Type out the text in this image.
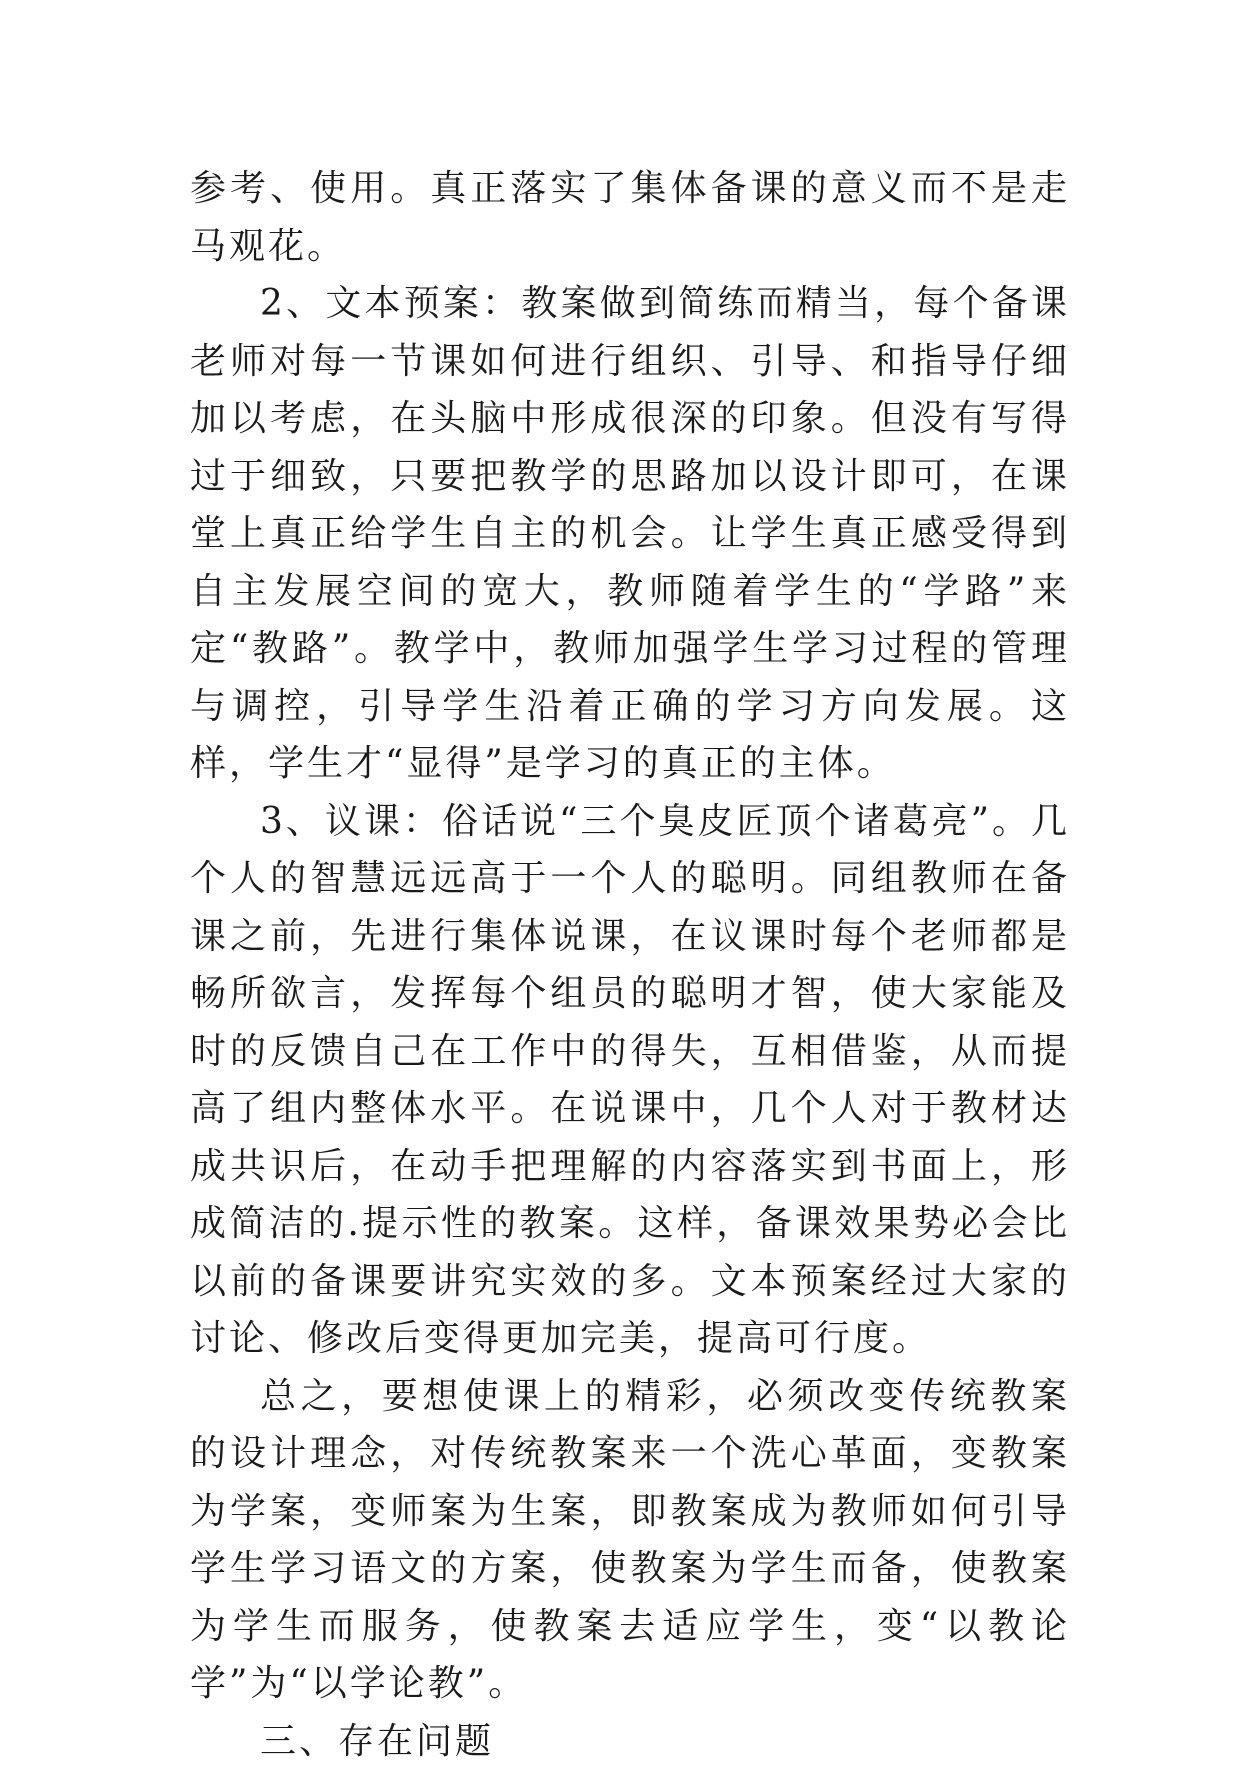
参考、使用。真正落实了集体备课的意义而不是走马观花。

2、文本预案：教案做到简练而精当，每个备课老师对每一节课如何进行组织、引导、和指导仔细加以考虑，在头脑中形成很深的印象。但没有写得过于细致，只要把教学的思路加以设计即可，在课堂上真正给学生自主的机会。让学生真正感受得到自主发展空间的宽大，教师随着学生的“学路”来定“教路”。教学中，教师加强学生学习过程的管理与调控，引导学生沿着正确的学习方向发展。这样，学生才“显得”是学习的真正的主体。

3、议课：俗话说“三个臭皮匠顶个诸葛亮”。几个人的智慧远远高于一个人的聪明。同组教师在备课之前，先进行集体说课，在议课时每个老师都是畅所欲言，发挥每个组员的聪明才智，使大家能及时的反馈自己在工作中的得失，互相借鉴，从而提高了组内整体水平。在说课中，几个人对于教材达成共识后，在动手把理解的内容落实到书面上，形成简洁的.提示性的教案。这样，备课效果势必会比以前的备课要讲究实效的多。文本预案经过大家的讨论、修改后变得更加完美，提高可行度。

总之，要想使课上的精彩，必须改变传统教案的设计理念，对传统教案来一个洗心革面，变教案为学案，变师案为生案，即教案成为教师如何引导学生学习语文的方案，使教案为学生而备，使教案为学生而服务，使教案去适应学生，变“以教论学”为“以学论教”。

三、存在问题
